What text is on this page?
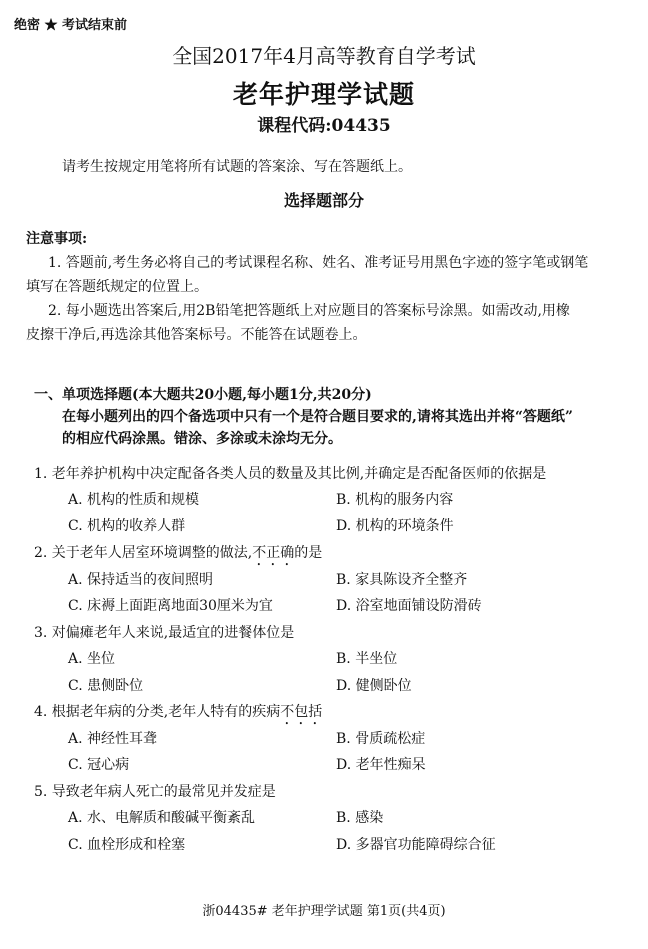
绝密 ★ 考试结束前
全国2017年4月高等教育自学考试
老年护理学试题
课程代码:04435
请考生按规定用笔将所有试题的答案涂、写在答题纸上。
选择题部分
注意事项:
1. 答题前,考生务必将自己的考试课程名称、姓名、准考证号用黑色字迹的签字笔或钢笔
填写在答题纸规定的位置上。
2. 每小题选出答案后,用2B铅笔把答题纸上对应题目的答案标号涂黑。如需改动,用橡
皮擦干净后,再选涂其他答案标号。不能答在试题卷上。
一、单项选择题(本大题共20小题,每小题1分,共20分)
在每小题列出的四个备选项中只有一个是符合题目要求的,请将其选出并将“答题纸”
的相应代码涂黑。错涂、多涂或未涂均无分。
1. 老年养护机构中决定配备各类人员的数量及其比例,并确定是否配备医师的依据是
A. 机构的性质和规模	B. 机构的服务内容
C. 机构的收养人群	D. 机构的环境条件
2. 关于老年人居室环境调整的做法,不正确的是
A. 保持适当的夜间照明	B. 家具陈设齐全整齐
C. 床褥上面距离地面30厘米为宜	D. 浴室地面铺设防滑砖
3. 对偏瘫老年人来说,最适宜的进餐体位是
A. 坐位	B. 半坐位
C. 患侧卧位	D. 健侧卧位
4. 根据老年病的分类,老年人特有的疾病不包括
A. 神经性耳聋	B. 骨质疏松症
C. 冠心病	D. 老年性痴呆
5. 导致老年病人死亡的最常见并发症是
A. 水、电解质和酸碱平衡紊乱	B. 感染
C. 血栓形成和栓塞	D. 多器官功能障碍综合征
浙04435# 老年护理学试题 第1页(共4页)
